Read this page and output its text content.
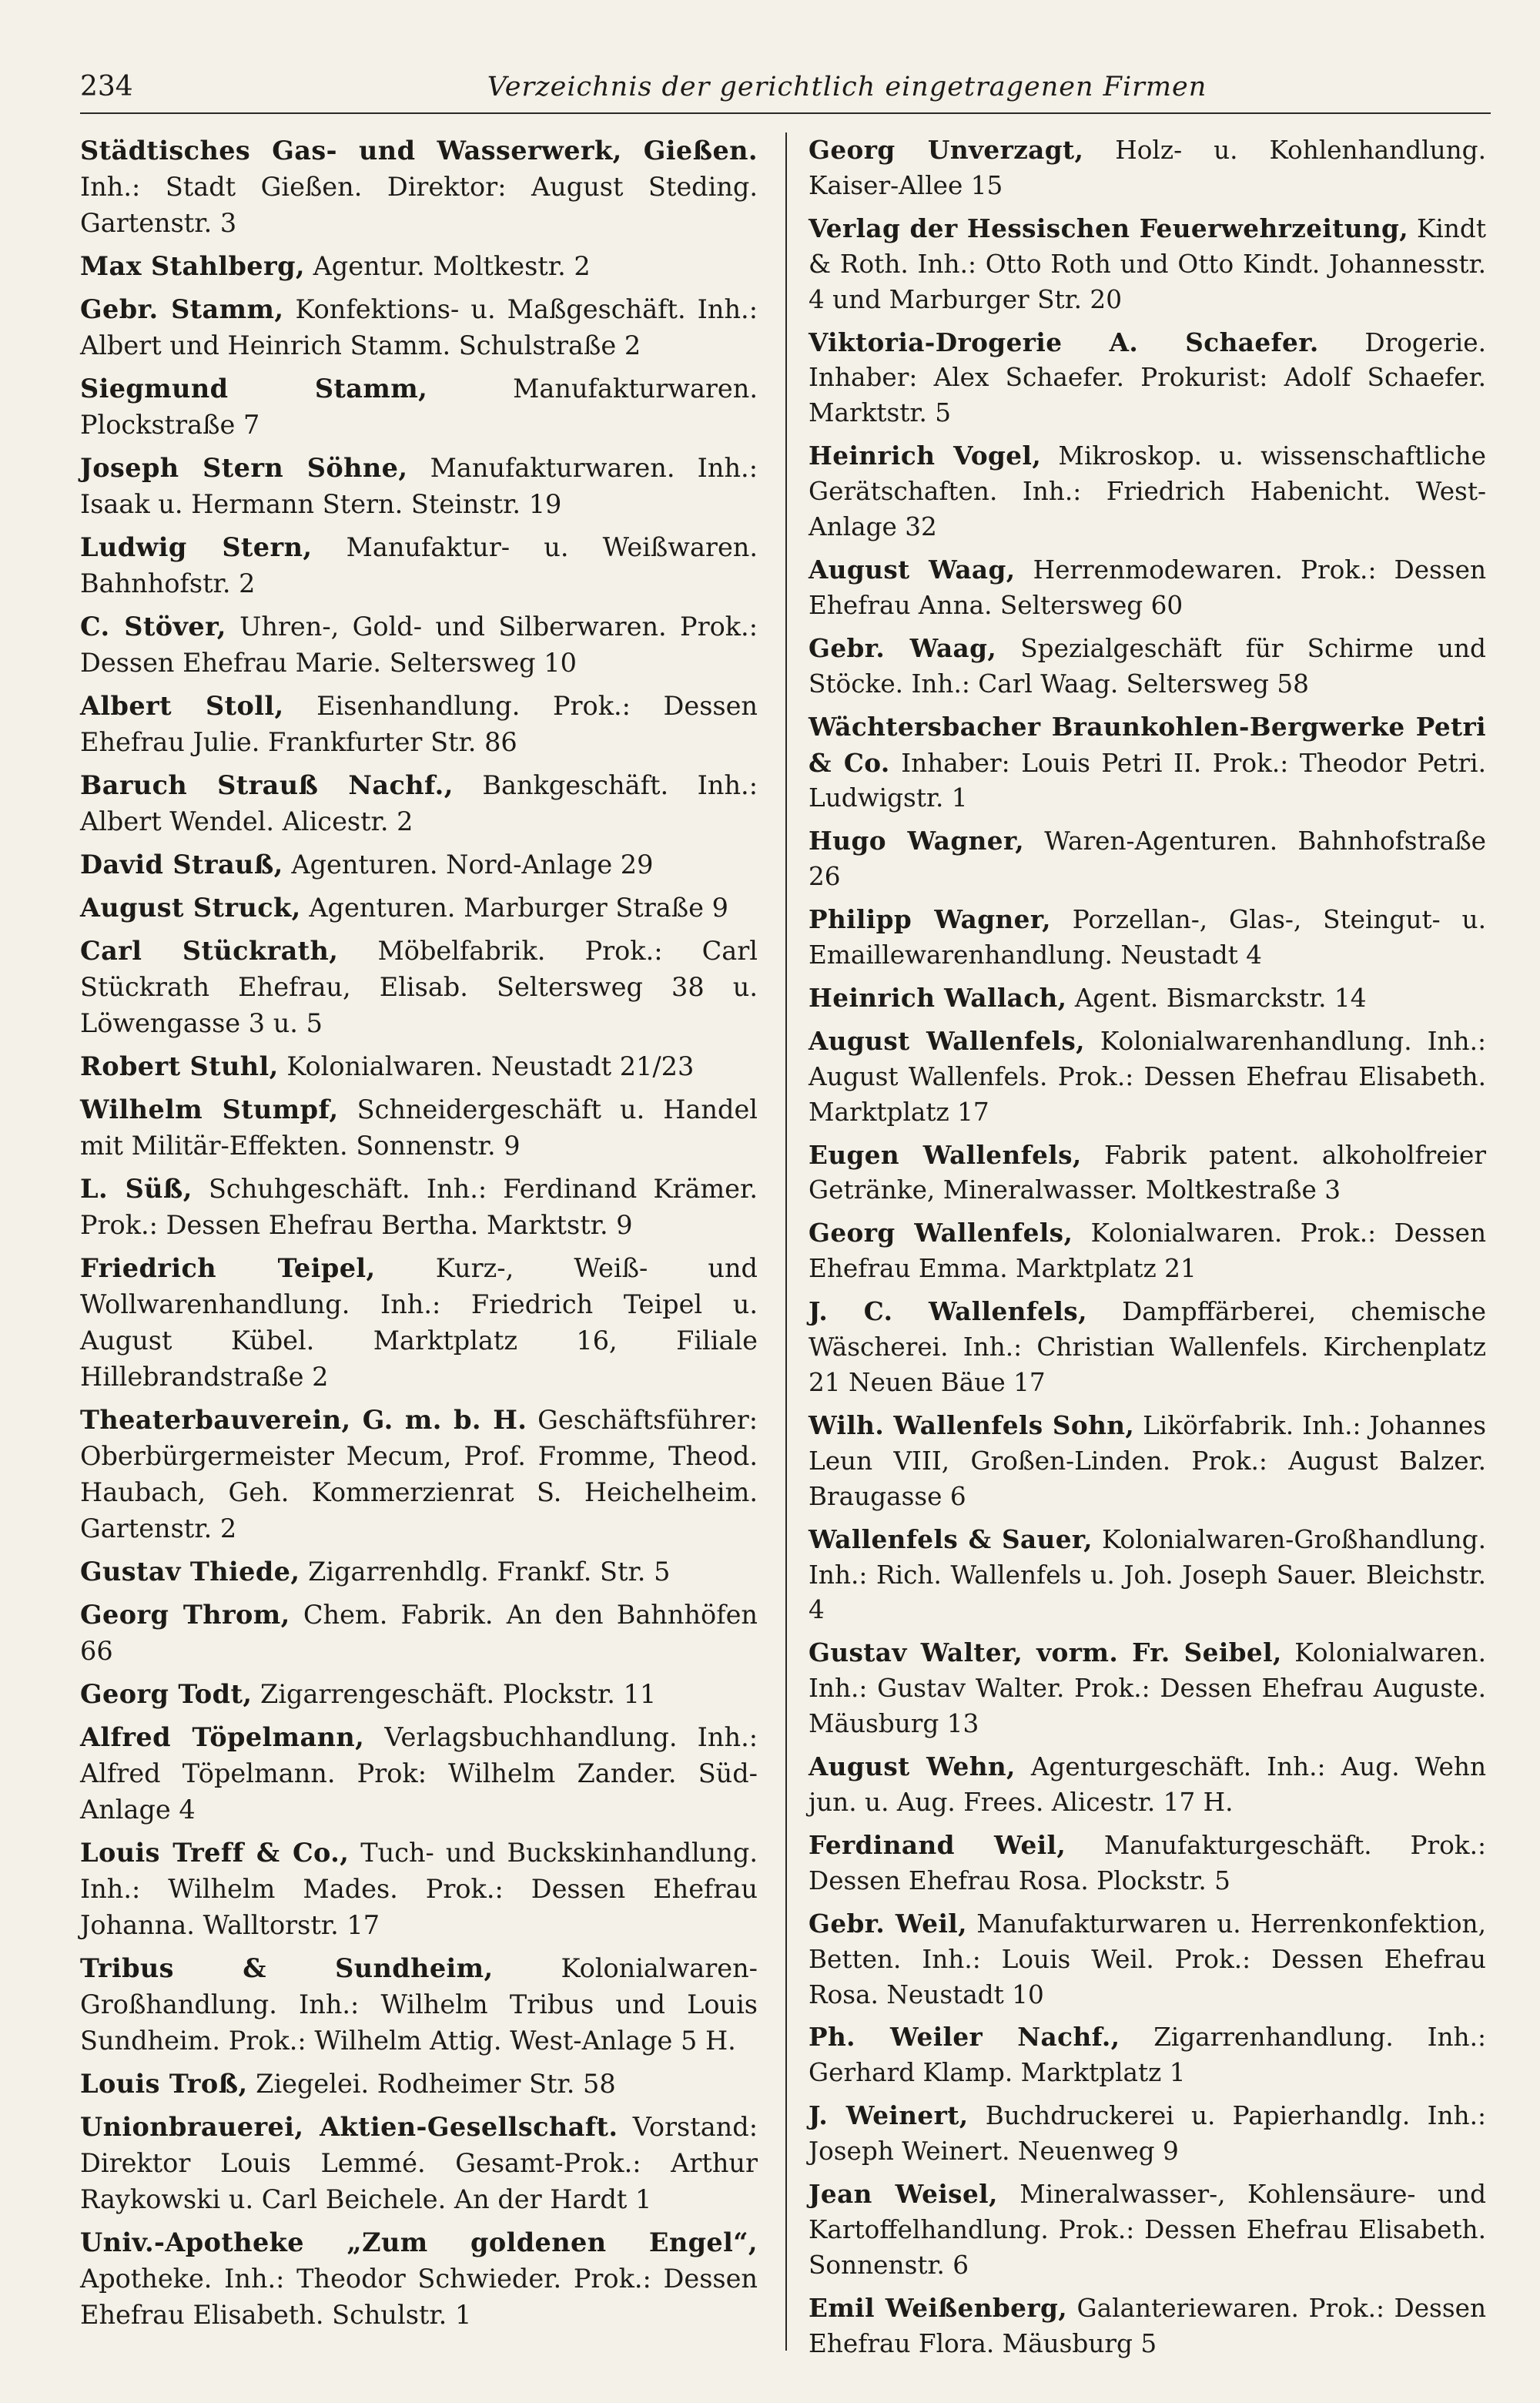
234	Verzeichnis der gerichtlich eingetragenen Firmen

Städtisches Gas- und Wasserwerk, Gießen. Inh.: Stadt Gießen. Direktor: August Steding. Gartenstr. 3

Max Stahlberg, Agentur. Moltkestr. 2

Gebr. Stamm, Konfektions- u. Maßgeschäft. Inh.: Albert und Heinrich Stamm. Schulstraße 2

Siegmund Stamm, Manufakturwaren. Plockstraße 7

Joseph Stern Söhne, Manufakturwaren. Inh.: Isaak u. Hermann Stern. Steinstr. 19

Ludwig Stern, Manufaktur- u. Weißwaren. Bahnhofstr. 2

C. Stöver, Uhren-, Gold- und Silberwaren. Prok.: Dessen Ehefrau Marie. Seltersweg 10

Albert Stoll, Eisenhandlung. Prok.: Dessen Ehefrau Julie. Frankfurter Str. 86

Baruch Strauß Nachf., Bankgeschäft. Inh.: Albert Wendel. Alicestr. 2

David Strauß, Agenturen. Nord-Anlage 29

August Struck, Agenturen. Marburger Straße 9

Carl Stückrath, Möbelfabrik. Prok.: Carl Stückrath Ehefrau, Elisab. Seltersweg 38 u. Löwengasse 3 u. 5

Robert Stuhl, Kolonialwaren. Neustadt 21/23

Wilhelm Stumpf, Schneidergeschäft u. Handel mit Militär-Effekten. Sonnenstr. 9

L. Süß, Schuhgeschäft. Inh.: Ferdinand Krämer. Prok.: Dessen Ehefrau Bertha. Marktstr. 9

Friedrich Teipel, Kurz-, Weiß- und Wollwarenhandlung. Inh.: Friedrich Teipel u. August Kübel. Marktplatz 16, Filiale Hillebrandstraße 2

Theaterbauverein, G. m. b. H. Geschäftsführer: Oberbürgermeister Mecum, Prof. Fromme, Theod. Haubach, Geh. Kommerzienrat S. Heichelheim. Gartenstr. 2

Gustav Thiede, Zigarrenhdlg. Frankf. Str. 5

Georg Throm, Chem. Fabrik. An den Bahnhöfen 66

Georg Todt, Zigarrengeschäft. Plockstr. 11

Alfred Töpelmann, Verlagsbuchhandlung. Inh.: Alfred Töpelmann. Prok: Wilhelm Zander. Süd-Anlage 4

Louis Treff & Co., Tuch- und Buckskinhandlung. Inh.: Wilhelm Mades. Prok.: Dessen Ehefrau Johanna. Walltorstr. 17

Tribus & Sundheim, Kolonialwaren-Großhandlung. Inh.: Wilhelm Tribus und Louis Sundheim. Prok.: Wilhelm Attig. West-Anlage 5 H.

Louis Troß, Ziegelei. Rodheimer Str. 58

Unionbrauerei, Aktien-Gesellschaft. Vorstand: Direktor Louis Lemmé. Gesamt-Prok.: Arthur Raykowski u. Carl Beichele. An der Hardt 1

Univ.-Apotheke „Zum goldenen Engel“, Apotheke. Inh.: Theodor Schwieder. Prok.: Dessen Ehefrau Elisabeth. Schulstr. 1

Georg Unverzagt, Holz- u. Kohlenhandlung. Kaiser-Allee 15

Verlag der Hessischen Feuerwehrzeitung, Kindt & Roth. Inh.: Otto Roth und Otto Kindt. Johannesstr. 4 und Marburger Str. 20

Viktoria-Drogerie A. Schaefer. Drogerie. Inhaber: Alex Schaefer. Prokurist: Adolf Schaefer. Marktstr. 5

Heinrich Vogel, Mikroskop. u. wissenschaftliche Gerätschaften. Inh.: Friedrich Habenicht. West-Anlage 32

August Waag, Herrenmodewaren. Prok.: Dessen Ehefrau Anna. Seltersweg 60

Gebr. Waag, Spezialgeschäft für Schirme und Stöcke. Inh.: Carl Waag. Seltersweg 58

Wächtersbacher Braunkohlen-Bergwerke Petri & Co. Inhaber: Louis Petri II. Prok.: Theodor Petri. Ludwigstr. 1

Hugo Wagner, Waren-Agenturen. Bahnhofstraße 26

Philipp Wagner, Porzellan-, Glas-, Steingut- u. Emaillewarenhandlung. Neustadt 4

Heinrich Wallach, Agent. Bismarckstr. 14

August Wallenfels, Kolonialwarenhandlung. Inh.: August Wallenfels. Prok.: Dessen Ehefrau Elisabeth. Marktplatz 17

Eugen Wallenfels, Fabrik patent. alkoholfreier Getränke, Mineralwasser. Moltkestraße 3

Georg Wallenfels, Kolonialwaren. Prok.: Dessen Ehefrau Emma. Marktplatz 21

J. C. Wallenfels, Dampffärberei, chemische Wäscherei. Inh.: Christian Wallenfels. Kirchenplatz 21 Neuen Bäue 17

Wilh. Wallenfels Sohn, Likörfabrik. Inh.: Johannes Leun VIII, Großen-Linden. Prok.: August Balzer. Braugasse 6

Wallenfels & Sauer, Kolonialwaren-Großhandlung. Inh.: Rich. Wallenfels u. Joh. Joseph Sauer. Bleichstr. 4

Gustav Walter, vorm. Fr. Seibel, Kolonialwaren. Inh.: Gustav Walter. Prok.: Dessen Ehefrau Auguste. Mäusburg 13

August Wehn, Agenturgeschäft. Inh.: Aug. Wehn jun. u. Aug. Frees. Alicestr. 17 H.

Ferdinand Weil, Manufakturgeschäft. Prok.: Dessen Ehefrau Rosa. Plockstr. 5

Gebr. Weil, Manufakturwaren u. Herrenkonfektion, Betten. Inh.: Louis Weil. Prok.: Dessen Ehefrau Rosa. Neustadt 10

Ph. Weiler Nachf., Zigarrenhandlung. Inh.: Gerhard Klamp. Marktplatz 1

J. Weinert, Buchdruckerei u. Papierhandlg. Inh.: Joseph Weinert. Neuenweg 9

Jean Weisel, Mineralwasser-, Kohlensäure- und Kartoffelhandlung. Prok.: Dessen Ehefrau Elisabeth. Sonnenstr. 6

Emil Weißenberg, Galanteriewaren. Prok.: Dessen Ehefrau Flora. Mäusburg 5
